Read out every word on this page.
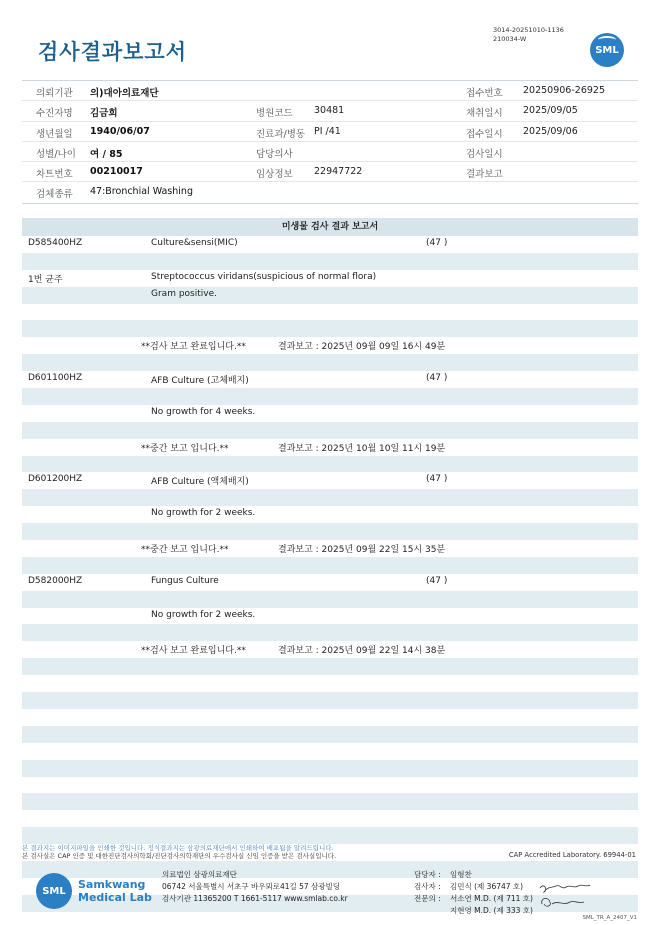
검사결과보고서
3014-20251010-1136
210034-W
SML
의뢰기관 의)대아의료재단	접수번호 20250906-26925
수진자명 김금희	병원코드 30481	채취일시 2025/09/05
생년월일 1940/06/07	진료과/병동 PI /41	접수일시 2025/09/06
성별/나이 여 / 85	담당의사	검사일시
차트번호 00210017	임상정보 22947722	결과보고
검체종류 47:Bronchial Washing
미생물 검사 결과 보고서
D585400HZ	Culture&sensi(MIC)	(47 )
1번 균주	Streptococcus viridans(suspicious of normal flora)
Gram positive.
**검사 보고 완료입니다.**	결과보고 : 2025년 09월 09일 16시 49분
D601100HZ	AFB Culture (고체배지)	(47 )
No growth for 4 weeks.
**중간 보고 입니다.**	결과보고 : 2025년 10월 10일 11시 19분
D601200HZ	AFB Culture (액체배지)	(47 )
No growth for 2 weeks.
**중간 보고 입니다.**	결과보고 : 2025년 09월 22일 15시 35분
D582000HZ	Fungus Culture	(47 )
No growth for 2 weeks.
**검사 보고 완료입니다.**	결과보고 : 2025년 09월 22일 14시 38분
본 결과지는 이미지파일을 인쇄한 것입니다. 정식결과지는 삼광의료재단에서 인쇄하여 배포됨을 알려드립니다.
본 검사실은 CAP 인증 및 대한진단검사의학회/진단검사의학재단의 우수검사실 신임 인증을 받은 검사실입니다.	CAP Accredited Laboratory. 69944-01
SML	Samkwang
Medical Lab
의료법인 삼광의료재단
06742 서울특별시 서초구 바우뫼로41길 57 삼광빌딩
검사기관 11365200 T 1661-5117 www.smlab.co.kr
담당자 : 임형찬
검사자 : 김민식 (제 36747 호)
전문의 : 서소연 M.D. (제 711 호)
지현영 M.D. (제 333 호)
SML_TR_A_2407_V1
